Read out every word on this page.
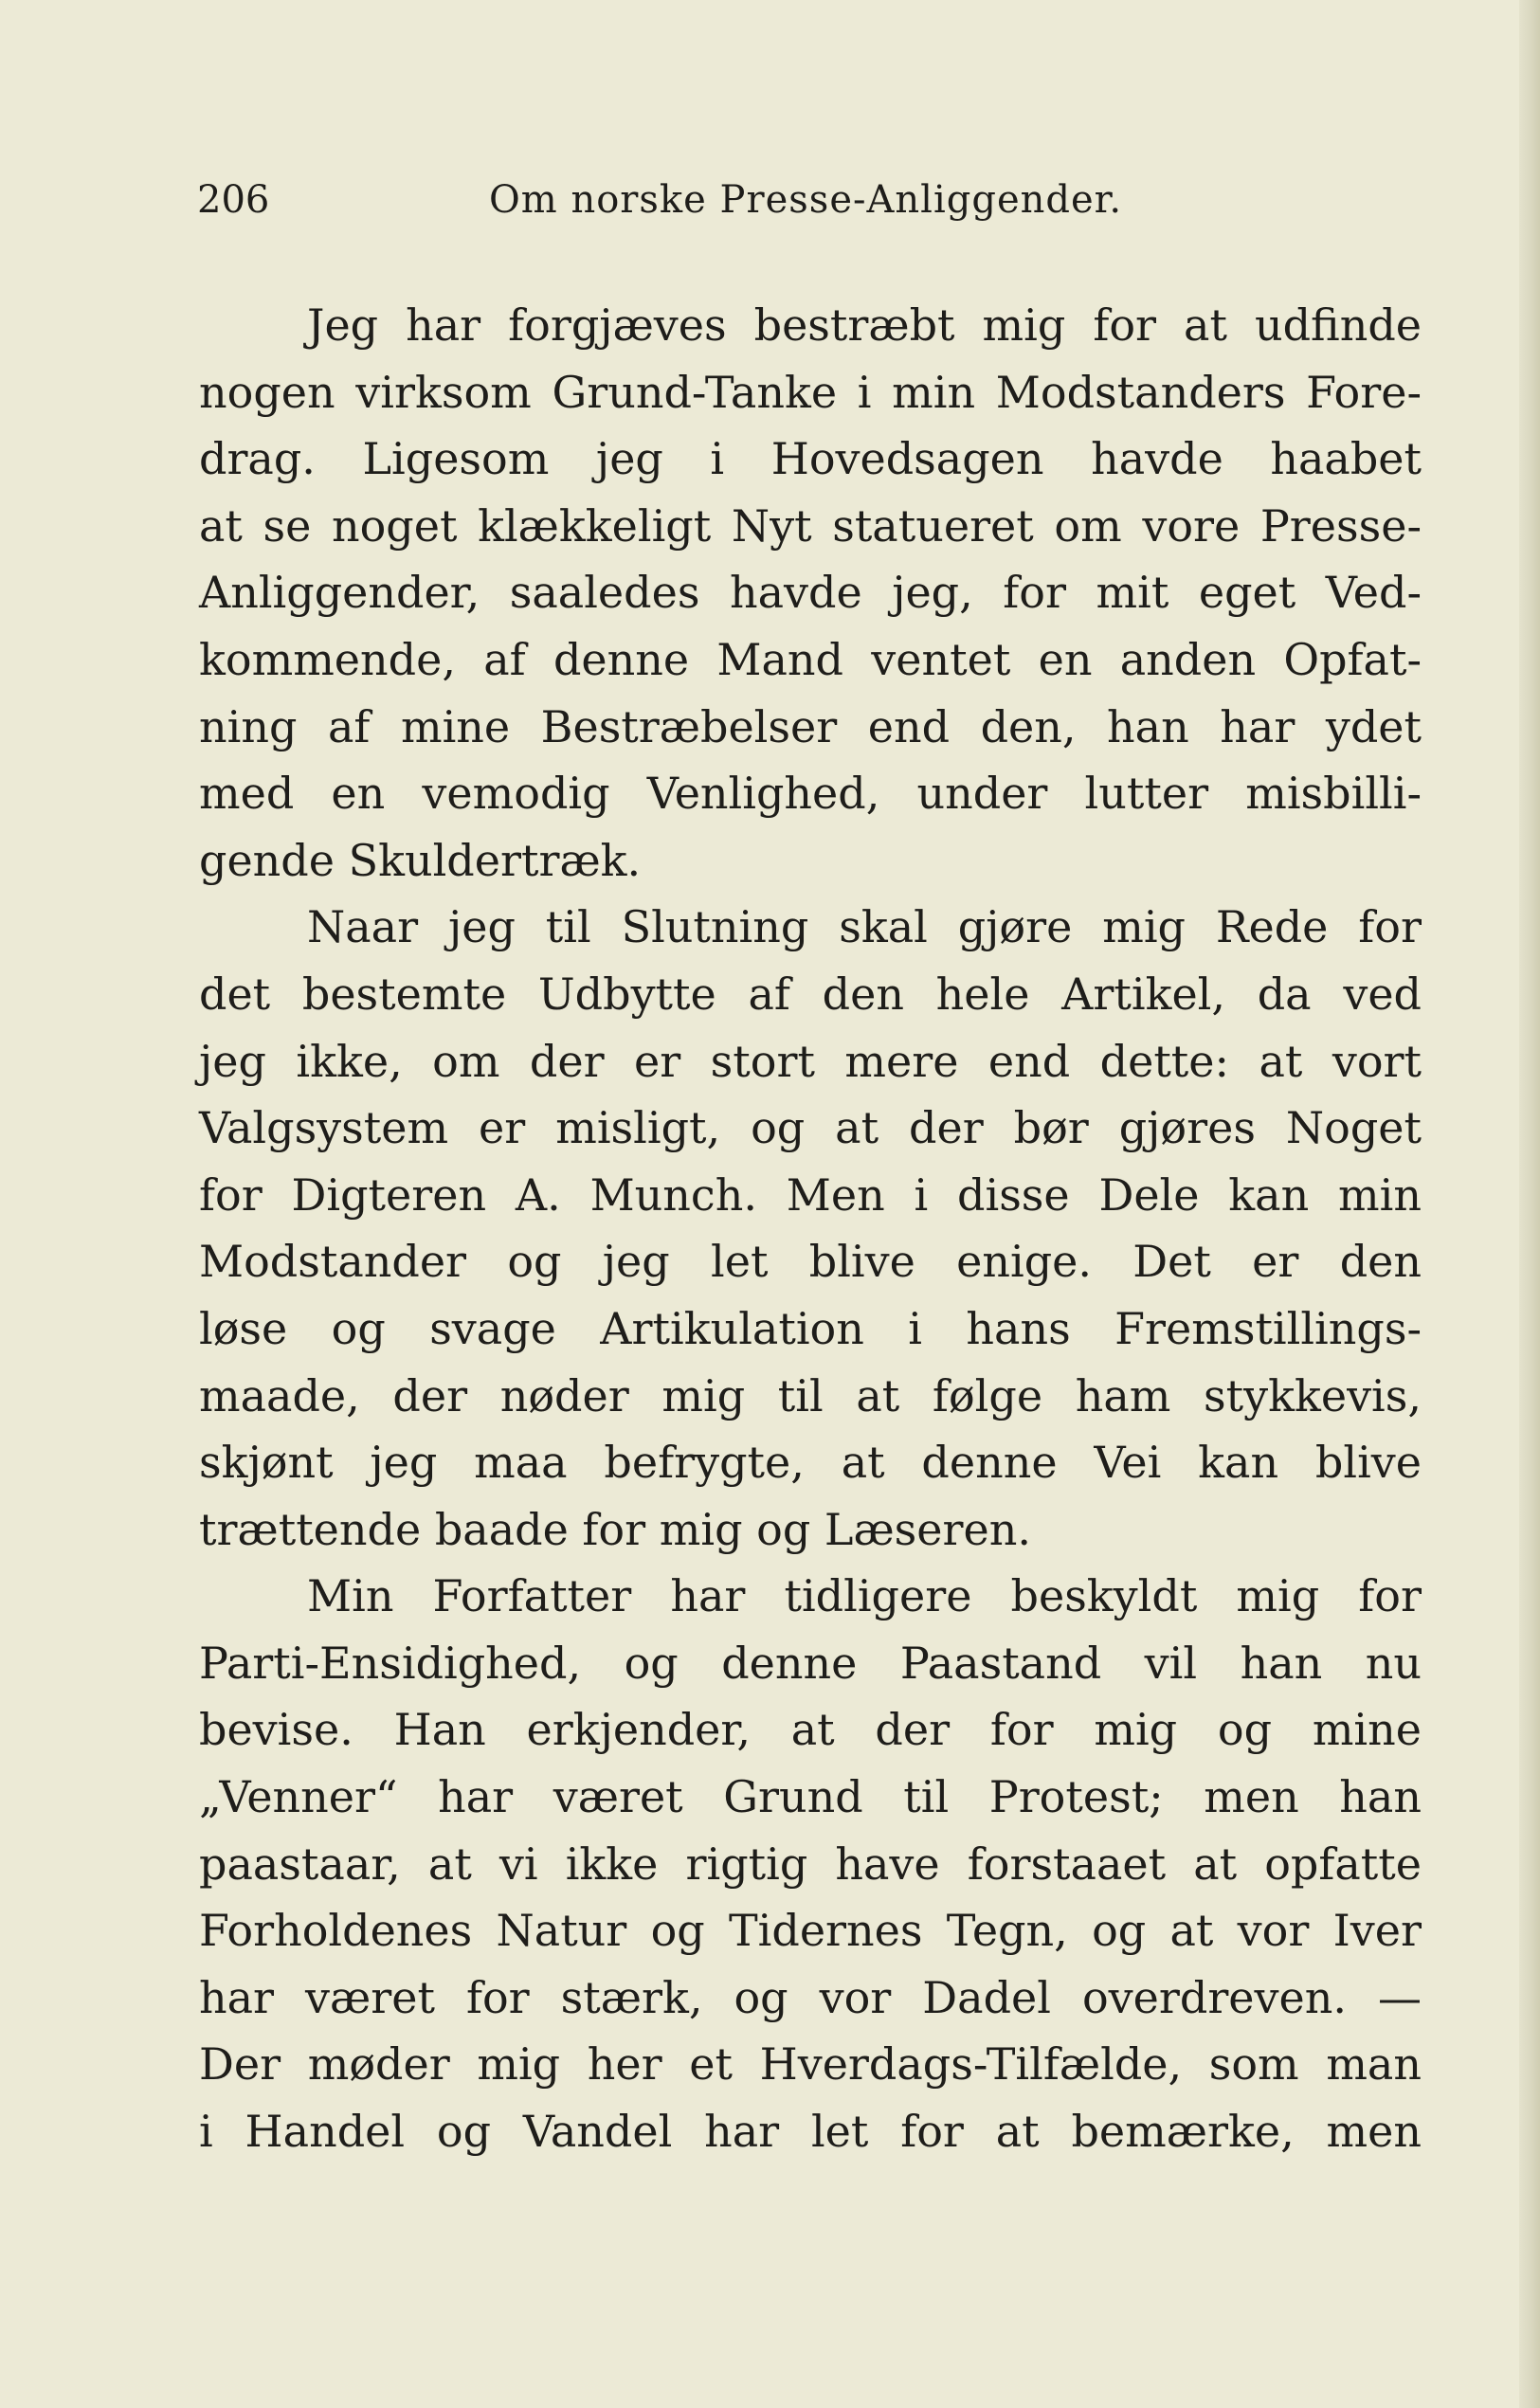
206	Om norske Presse-Anliggender.
Jeg har forgjæves bestræbt mig for at udfinde
nogen virksom Grund-Tanke i min Modstanders Fore-
drag. Ligesom jeg i Hovedsagen havde haabet
at se noget klækkeligt Nyt statueret om vore Presse-
Anliggender, saaledes havde jeg, for mit eget Ved-
kommende, af denne Mand ventet en anden Opfat-
ning af mine Bestræbelser end den, han har ydet
med en vemodig Venlighed, under lutter misbilli-
gende Skuldertræk.
Naar jeg til Slutning skal gjøre mig Rede for
det bestemte Udbytte af den hele Artikel, da ved
jeg ikke, om der er stort mere end dette: at vort
Valgsystem er misligt, og at der bør gjøres Noget
for Digteren A. Munch. Men i disse Dele kan min
Modstander og jeg let blive enige. Det er den
løse og svage Artikulation i hans Fremstillings-
maade, der nøder mig til at følge ham stykkevis,
skjønt jeg maa befrygte, at denne Vei kan blive
trættende baade for mig og Læseren.
Min Forfatter har tidligere beskyldt mig for
Parti-Ensidighed, og denne Paastand vil han nu
bevise. Han erkjender, at der for mig og mine
„Venner“ har været Grund til Protest; men han
paastaar, at vi ikke rigtig have forstaaet at opfatte
Forholdenes Natur og Tidernes Tegn, og at vor Iver
har været for stærk, og vor Dadel overdreven. —
Der møder mig her et Hverdags-Tilfælde, som man
i Handel og Vandel har let for at bemærke, men
